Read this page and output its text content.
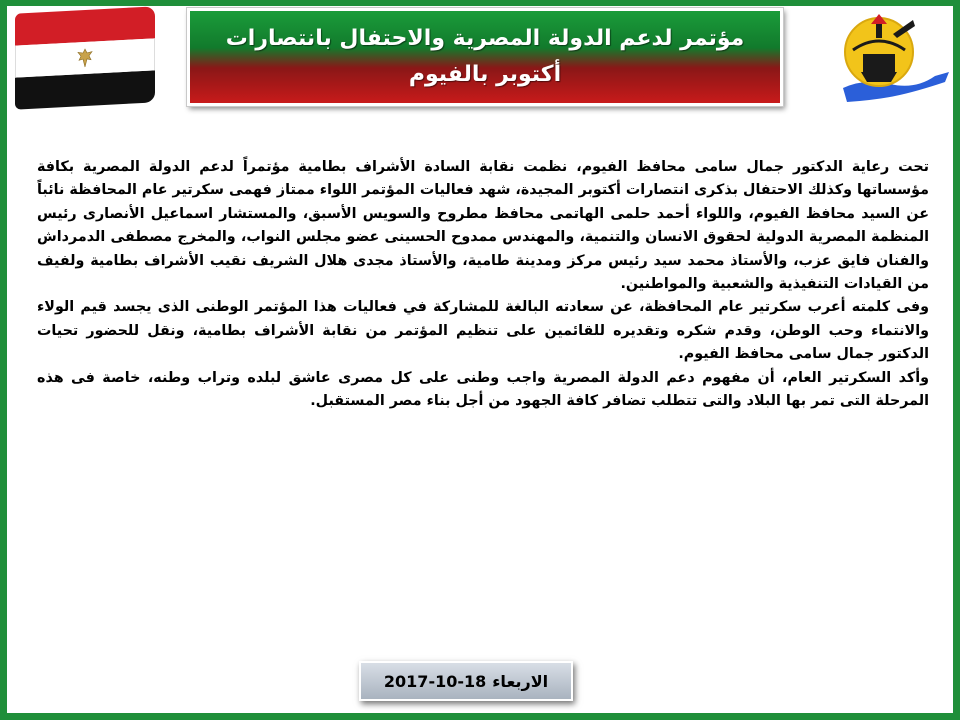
مؤتمر لدعم الدولة المصرية والاحتفال بانتصارات
أكتوبر بالفيوم

تحت رعاية الدكتور جمال سامى محافظ الفيوم، نظمت نقابة السادة الأشراف بطامية مؤتمراً لدعم الدولة المصرية بكافة مؤسساتها وكذلك الاحتفال بذكرى انتصارات أكتوبر المجيدة، شهد فعاليات المؤتمر اللواء ممتاز فهمى سكرتير عام المحافظة نائباً عن السيد محافظ الفيوم، واللواء أحمد حلمى الهاتمى محافظ مطروح والسويس الأسبق، والمستشار اسماعيل الأنصارى رئيس المنظمة المصرية الدولية لحقوق الانسان والتنمية، والمهندس ممدوح الحسينى عضو مجلس النواب، والمخرج مصطفى الدمرداش والفنان فايق عزب، والأستاذ محمد سيد رئيس مركز ومدينة طامية، والأستاذ مجدى هلال الشريف نقيب الأشراف بطامية ولفيف من القيادات التنفيذية والشعبية والمواطنين.

وفى كلمته أعرب سكرتير عام المحافظة، عن سعادته البالغة للمشاركة في فعاليات هذا المؤتمر الوطنى الذى يجسد قيم الولاء والانتماء وحب الوطن، وقدم شكره وتقديره للقائمين على تنظيم المؤتمر من نقابة الأشراف بطامية، ونقل للحضور تحيات الدكتور جمال سامى محافظ الفيوم.

وأكد السكرتير العام، أن مفهوم دعم الدولة المصرية واجب وطنى على كل مصرى عاشق لبلده وتراب وطنه، خاصة فى هذه المرحلة التى تمر بها البلاد والتى تتطلب تضافر كافة الجهود من أجل بناء مصر المستقبل.

الاربعاء
2017-10-18
